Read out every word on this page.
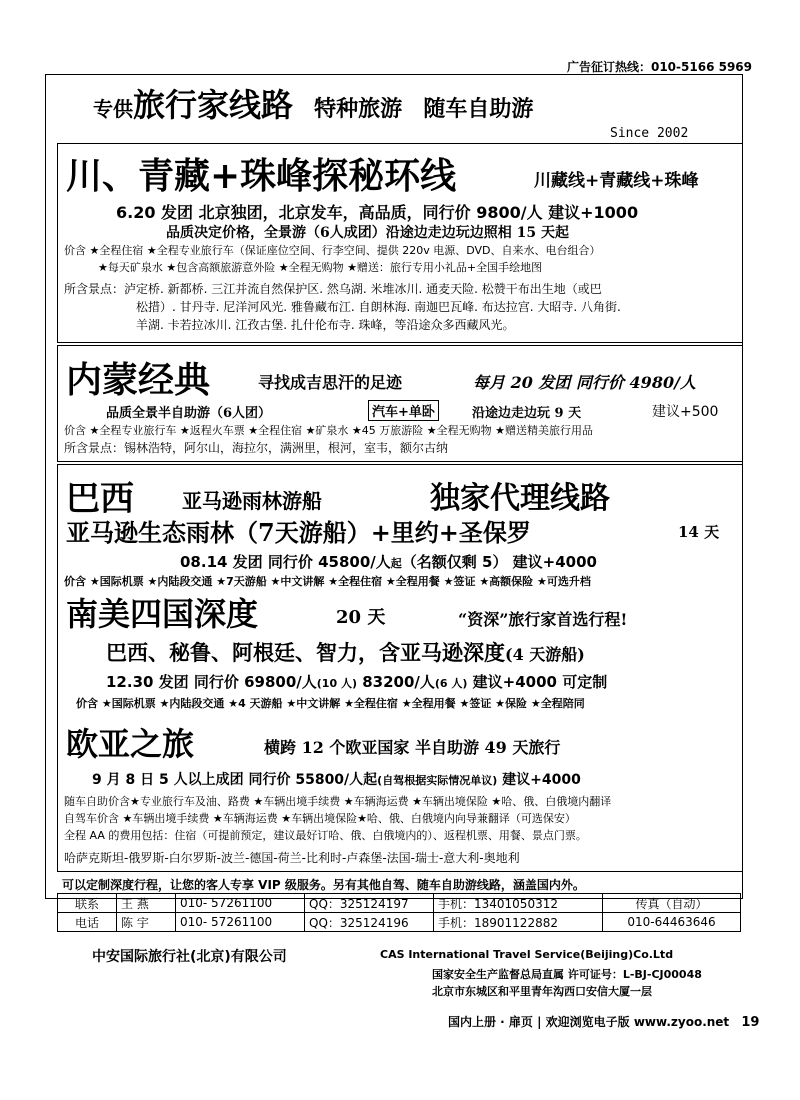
广告征订热线：010-5166 5969
专供旅行家线路 特种旅游 随车自助游
Since 2002
川、青藏+珠峰探秘环线	川藏线+青藏线+珠峰
6.20 发团 北京独团，北京发车，高品质，同行价 9800/人 建议+1000
品质决定价格，全景游（6人成团）沿途边走边玩边照相 15 天起
价含 ★全程住宿 ★全程专业旅行车（保证座位空间、行李空间、提供 220v 电源、DVD、自来水、电台组合）
★每天矿泉水 ★包含高额旅游意外险 ★全程无购物 ★赠送：旅行专用小礼品+全国手绘地图
所含景点：泸定桥. 新都桥. 三江并流自然保护区. 然乌湖. 米堆冰川. 通麦天险. 松赞干布出生地（或巴
松措）. 甘丹寺. 尼洋河风光. 雅鲁藏布江. 自朗林海. 南迦巴瓦峰. 布达拉宫. 大昭寺. 八角街.
羊湖. 卡若拉冰川. 江孜古堡. 扎什伦布寺. 珠峰，等沿途众多西藏风光。
内蒙经典	寻找成吉思汗的足迹	每月 20 发团 同行价 4980/人
品质全景半自助游（6人团）	汽车+单卧	沿途边走边玩 9 天	建议+500
价含 ★全程专业旅行车 ★返程火车票 ★全程住宿 ★矿泉水 ★45 万旅游险 ★全程无购物 ★赠送精美旅行用品
所含景点：锡林浩特，阿尔山，海拉尔，满洲里，根河，室韦，额尔古纳
巴西 亚马逊雨林游船	独家代理线路
亚马逊生态雨林（7天游船）+里约+圣保罗	14 天
08.14 发团 同行价 45800/人起（名额仅剩 5） 建议+4000
价含 ★国际机票 ★内陆段交通 ★7天游船 ★中文讲解 ★全程住宿 ★全程用餐 ★签证 ★高额保险 ★可选升档
南美四国深度	20 天	“资深”旅行家首选行程!
巴西、秘鲁、阿根廷、智力，含亚马逊深度(4 天游船)
12.30 发团 同行价 69800/人(10 人) 83200/人(6 人) 建议+4000 可定制
价含 ★国际机票 ★内陆段交通 ★4 天游船 ★中文讲解 ★全程住宿 ★全程用餐 ★签证 ★保险 ★全程陪同
欧亚之旅	横跨 12 个欧亚国家 半自助游 49 天旅行
9 月 8 日 5 人以上成团 同行价 55800/人起(自驾根据实际情况单议) 建议+4000
随车自助价含★专业旅行车及油、路费 ★车辆出境手续费 ★车辆海运费 ★车辆出境保险 ★哈、俄、白俄境内翻译
自驾车价含 ★车辆出境手续费 ★车辆海运费 ★车辆出境保险★哈、俄、白俄境内向导兼翻译（可选保安）
全程 AA 的费用包括：住宿（可提前预定，建议最好订哈、俄、白俄境内的）、返程机票、用餐、景点门票。
哈萨克斯坦-俄罗斯-白尔罗斯-波兰-德国-荷兰-比利时-卢森堡-法国-瑞士-意大利-奥地利
可以定制深度行程，让您的客人专享 VIP 级服务。另有其他自驾、随车自助游线路，涵盖国内外。
联系	王 燕	010- 57261100	QQ：325124197	手机：13401050312	传真（自动）
电话	陈 宇	010- 57261100	QQ：325124196	手机：18901122882	010-64463646
中安国际旅行社(北京)有限公司	CAS International Travel Service(Beijing)Co.Ltd
国家安全生产监督总局直属 许可证号：L-BJ-CJ00048
北京市东城区和平里青年沟西口安信大厦一层
国内上册 · 扉页 | 欢迎浏览电子版 www.zyoo.net 19
